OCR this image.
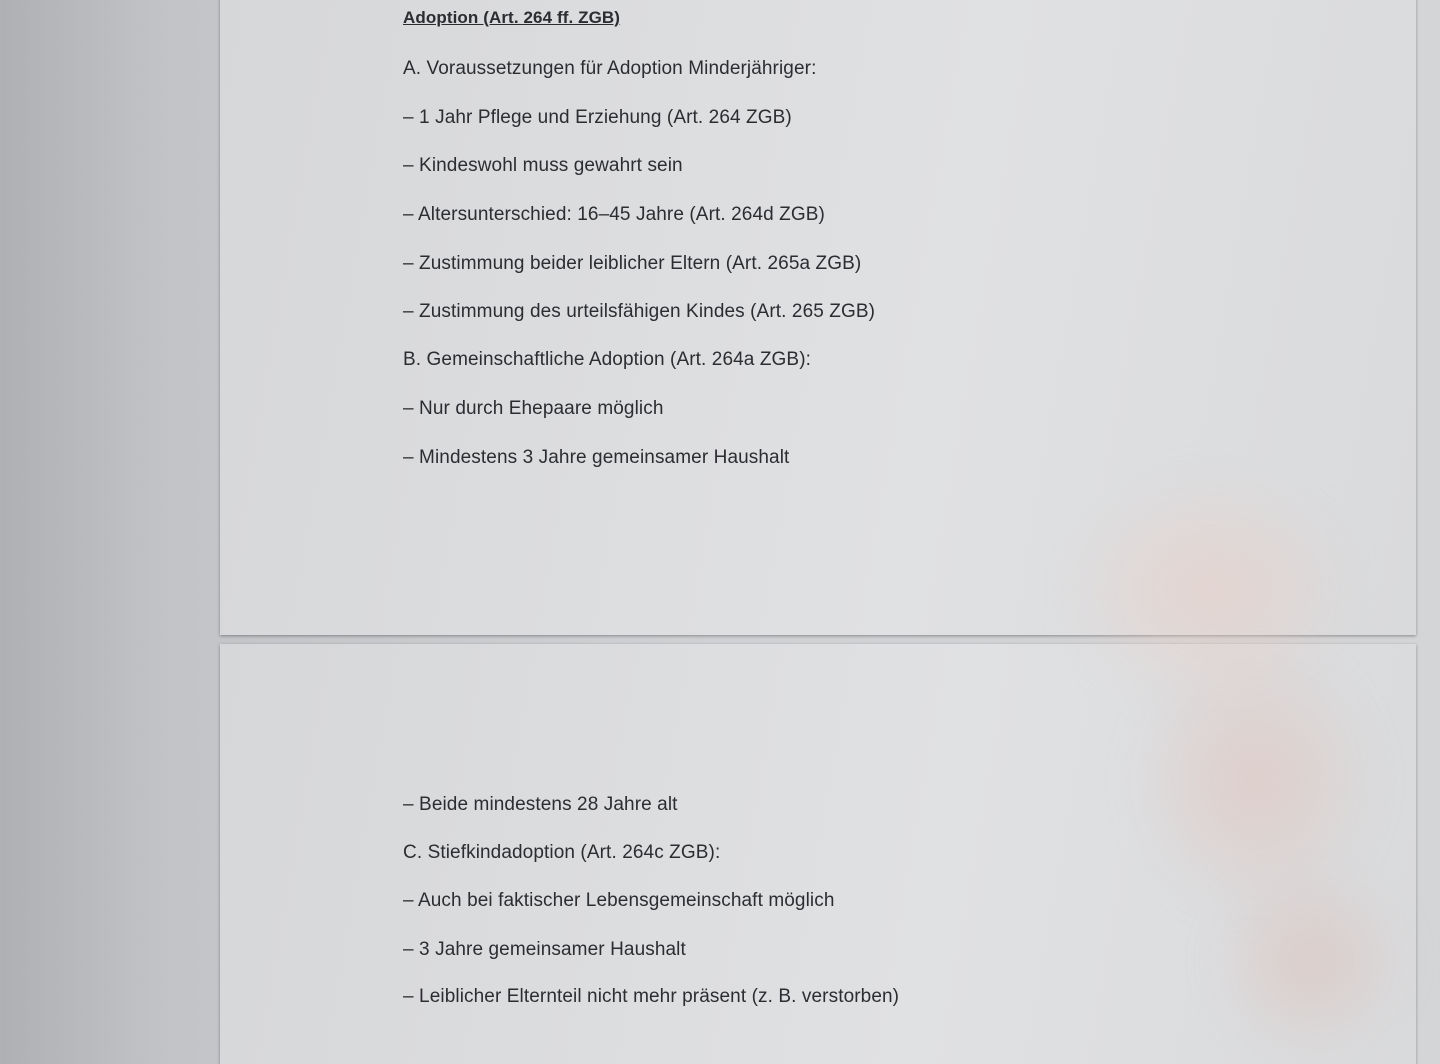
Adoption (Art. 264 ff. ZGB)
A. Voraussetzungen für Adoption Minderjähriger:
– 1 Jahr Pflege und Erziehung (Art. 264 ZGB)
– Kindeswohl muss gewahrt sein
– Altersunterschied: 16–45 Jahre (Art. 264d ZGB)
– Zustimmung beider leiblicher Eltern (Art. 265a ZGB)
– Zustimmung des urteilsfähigen Kindes (Art. 265 ZGB)
B. Gemeinschaftliche Adoption (Art. 264a ZGB):
– Nur durch Ehepaare möglich
– Mindestens 3 Jahre gemeinsamer Haushalt
– Beide mindestens 28 Jahre alt
C. Stiefkindadoption (Art. 264c ZGB):
– Auch bei faktischer Lebensgemeinschaft möglich
– 3 Jahre gemeinsamer Haushalt
– Leiblicher Elternteil nicht mehr präsent (z. B. verstorben)
